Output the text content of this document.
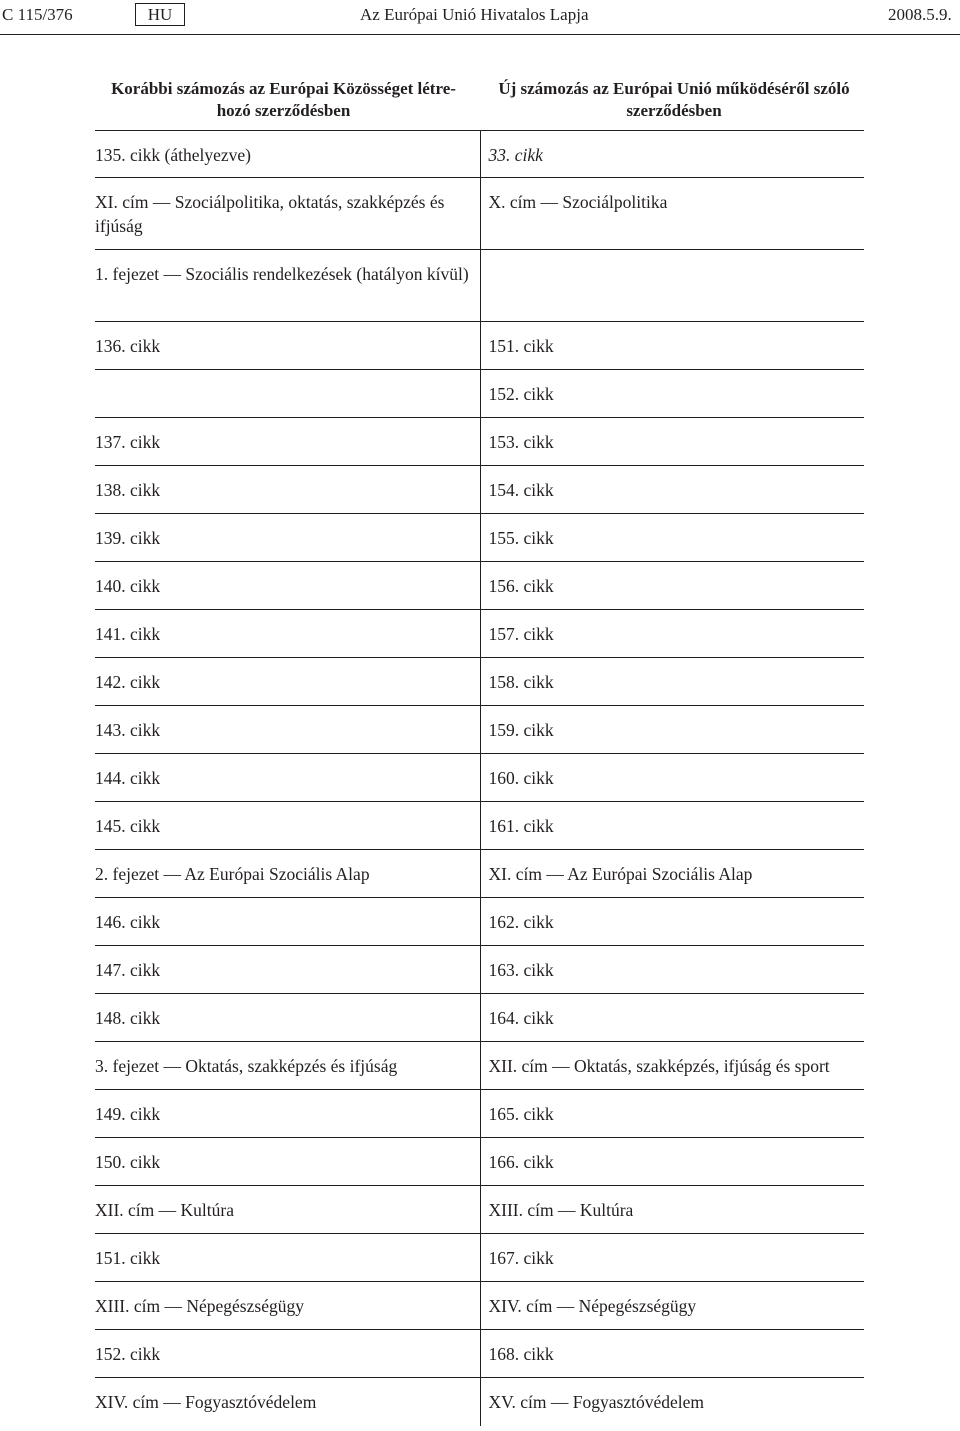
C 115/376	HU	Az Európai Unió Hivatalos Lapja	2008.5.9.
Korábbi számozás az Európai Közösséget létre-hozó szerződésben	Új számozás az Európai Unió működéséről szóló szerződésben
135. cikk (áthelyezve)	33. cikk
XI. cím — Szociálpolitika, oktatás, szakképzés és ifjúság	X. cím — Szociálpolitika
1. fejezet — Szociális rendelkezések (hatályon kívül)	
136. cikk	151. cikk
	152. cikk
137. cikk	153. cikk
138. cikk	154. cikk
139. cikk	155. cikk
140. cikk	156. cikk
141. cikk	157. cikk
142. cikk	158. cikk
143. cikk	159. cikk
144. cikk	160. cikk
145. cikk	161. cikk
2. fejezet — Az Európai Szociális Alap	XI. cím — Az Európai Szociális Alap
146. cikk	162. cikk
147. cikk	163. cikk
148. cikk	164. cikk
3. fejezet — Oktatás, szakképzés és ifjúság	XII. cím — Oktatás, szakképzés, ifjúság és sport
149. cikk	165. cikk
150. cikk	166. cikk
XII. cím — Kultúra	XIII. cím — Kultúra
151. cikk	167. cikk
XIII. cím — Népegészségügy	XIV. cím — Népegészségügy
152. cikk	168. cikk
XIV. cím — Fogyasztóvédelem	XV. cím — Fogyasztóvédelem
